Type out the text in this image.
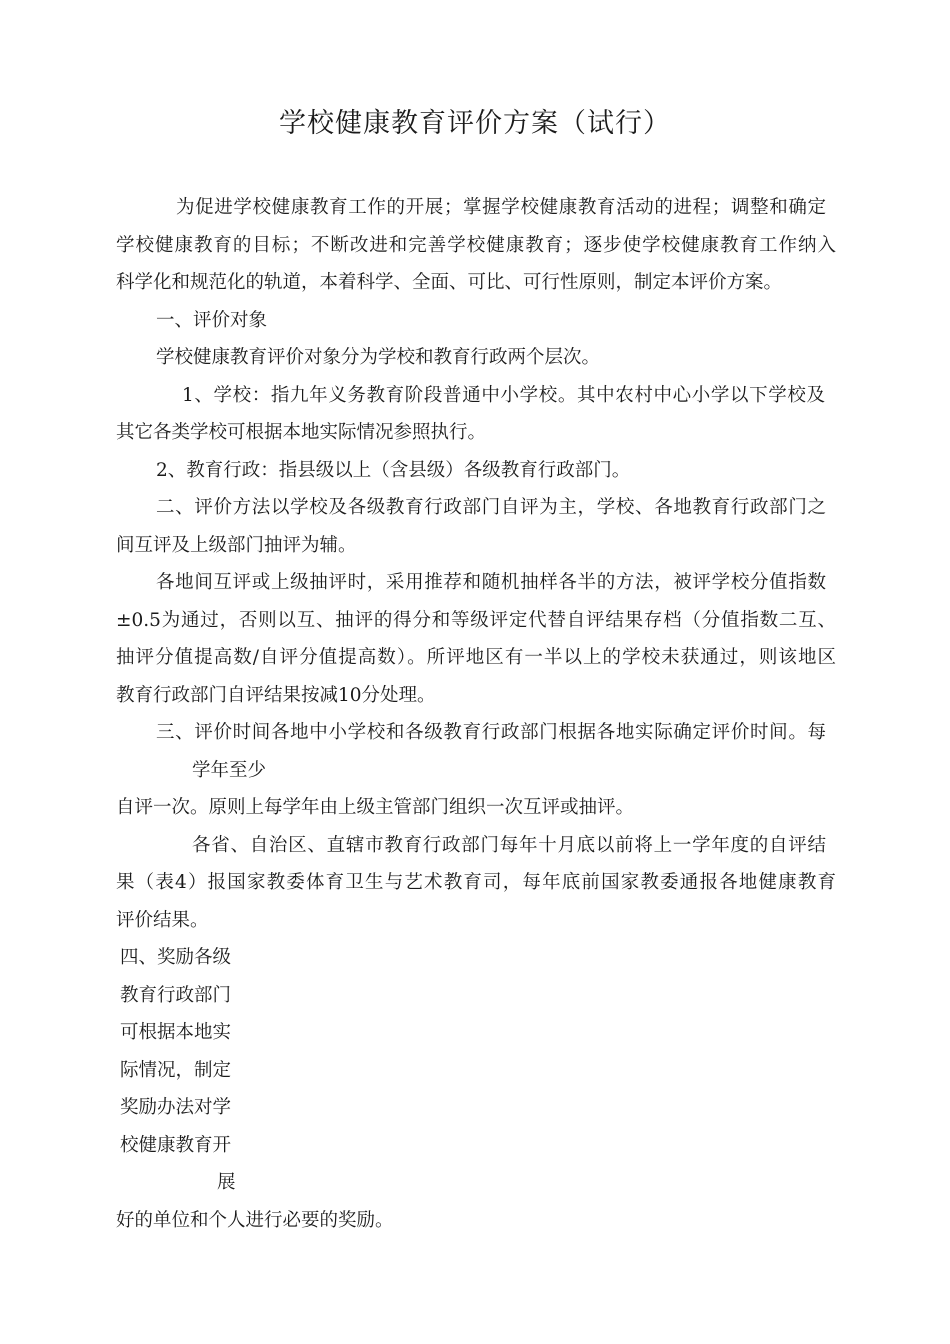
学校健康教育评价方案（试行）
为促进学校健康教育工作的开展；掌握学校健康教育活动的进程；调整和确定
学校健康教育的目标；不断改进和完善学校健康教育；逐步使学校健康教育工作纳入
科学化和规范化的轨道，本着科学、全面、可比、可行性原则，制定本评价方案。
一、评价对象
学校健康教育评价对象分为学校和教育行政两个层次。
1、学校：指九年义务教育阶段普通中小学校。其中农村中心小学以下学校及
其它各类学校可根据本地实际情况参照执行。
2、教育行政：指县级以上（含县级）各级教育行政部门。
二、评价方法以学校及各级教育行政部门自评为主，学校、各地教育行政部门之
间互评及上级部门抽评为辅。
各地间互评或上级抽评时，采用推荐和随机抽样各半的方法，被评学校分值指数
±0.5为通过，否则以互、抽评的得分和等级评定代替自评结果存档（分值指数二互、
抽评分值提高数/自评分值提高数）。所评地区有一半以上的学校未获通过，则该地区
教育行政部门自评结果按减10分处理。
三、评价时间各地中小学校和各级教育行政部门根据各地实际确定评价时间。每
学年至少
自评一次。原则上每学年由上级主管部门组织一次互评或抽评。
各省、自治区、直辖市教育行政部门每年十月底以前将上一学年度的自评结
果（表4）报国家教委体育卫生与艺术教育司，每年底前国家教委通报各地健康教育
评价结果。
四、奖励各级
教育行政部门
可根据本地实
际情况，制定
奖励办法对学
校健康教育开
展
好的单位和个人进行必要的奖励。
